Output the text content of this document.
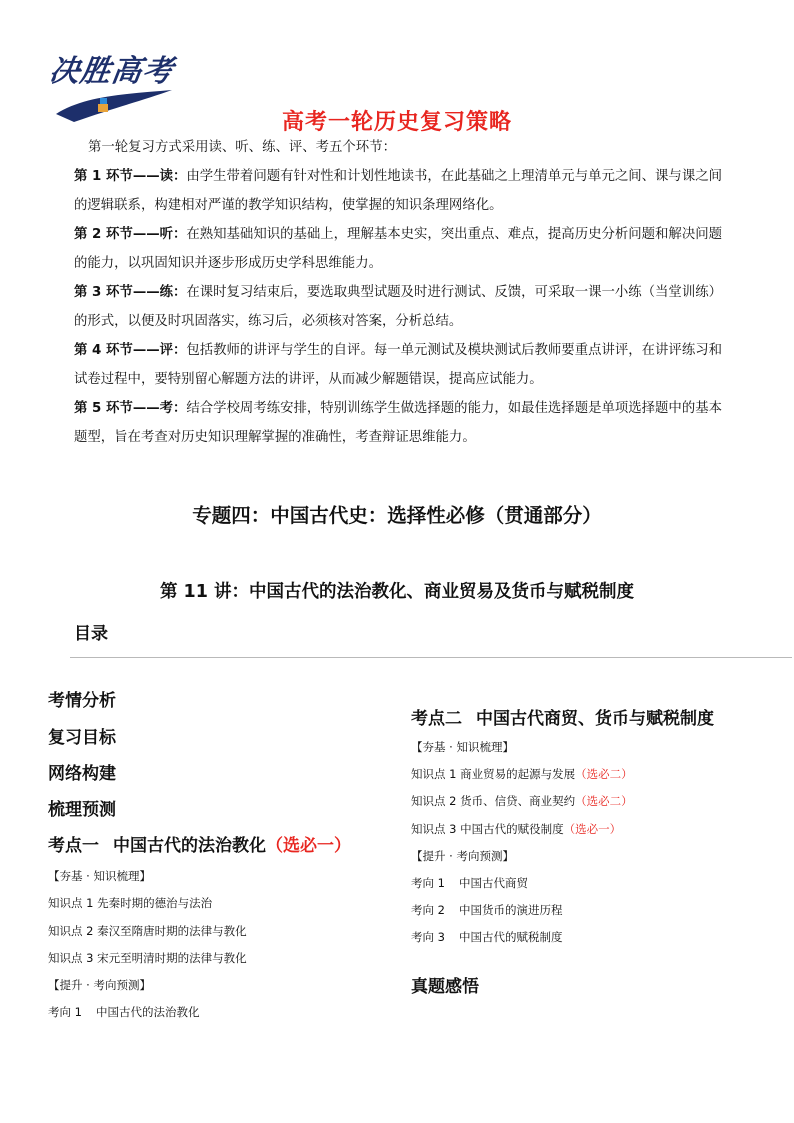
决胜高考
高考一轮历史复习策略

第一轮复习方式采用读、听、练、评、考五个环节：

第 1 环节——读：由学生带着问题有针对性和计划性地读书，在此基础之上理清单元与单元之间、课与课之间的逻辑联系，构建相对严谨的教学知识结构，使掌握的知识条理网络化。

第 2 环节——听：在熟知基础知识的基础上，理解基本史实，突出重点、难点，提高历史分析问题和解决问题的能力，以巩固知识并逐步形成历史学科思维能力。

第 3 环节——练：在课时复习结束后，要选取典型试题及时进行测试、反馈，可采取一课一小练（当堂训练）的形式，以便及时巩固落实，练习后，必须核对答案，分析总结。

第 4 环节——评：包括教师的讲评与学生的自评。每一单元测试及模块测试后教师要重点讲评，在讲评练习和试卷过程中，要特别留心解题方法的讲评，从而减少解题错误，提高应试能力。

第 5 环节——考：结合学校周考练安排，特别训练学生做选择题的能力，如最佳选择题是单项选择题中的基本题型，旨在考查对历史知识理解掌握的准确性，考查辩证思维能力。

专题四：中国古代史：选择性必修（贯通部分）
第 11 讲：中国古代的法治教化、商业贸易及货币与赋税制度
目录
考情分析
复习目标
网络构建
梳理预测
考点一 中国古代的法治教化（选必一）
【夯基 · 知识梳理】
知识点 1 先秦时期的德治与法治
知识点 2 秦汉至隋唐时期的法律与教化
知识点 3 宋元至明清时期的法律与教化
【提升 · 考向预测】
考向 1 中国古代的法治教化
考点二 中国古代商贸、货币与赋税制度
【夯基 · 知识梳理】
知识点 1 商业贸易的起源与发展（选必二）
知识点 2 货币、信贷、商业契约（选必二）
知识点 3 中国古代的赋役制度（选必一）
【提升 · 考向预测】
考向 1 中国古代商贸
考向 2 中国货币的演进历程
考向 3 中国古代的赋税制度
真题感悟
